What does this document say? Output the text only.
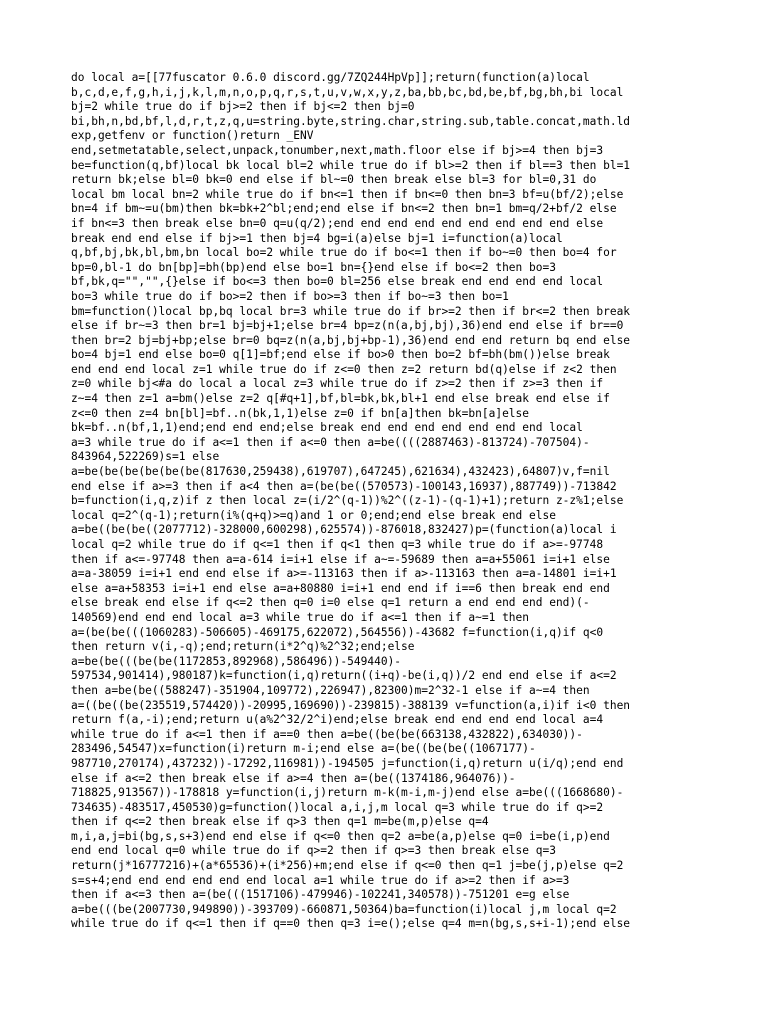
do local a=[[77fuscator 0.6.0 discord.gg/7ZQ244HpVp]];return(function(a)local
b,c,d,e,f,g,h,i,j,k,l,m,n,o,p,q,r,s,t,u,v,w,x,y,z,ba,bb,bc,bd,be,bf,bg,bh,bi local
bj=2 while true do if bj>=2 then if bj<=2 then bj=0
bi,bh,n,bd,bf,l,d,r,t,z,q,u=string.byte,string.char,string.sub,table.concat,math.ld
exp,getfenv or function()return _ENV
end,setmetatable,select,unpack,tonumber,next,math.floor else if bj>=4 then bj=3
be=function(q,bf)local bk local bl=2 while true do if bl>=2 then if bl==3 then bl=1
return bk;else bl=0 bk=0 end else if bl~=0 then break else bl=3 for bl=0,31 do
local bm local bn=2 while true do if bn<=1 then if bn<=0 then bn=3 bf=u(bf/2);else
bn=4 if bm~=u(bm)then bk=bk+2^bl;end;end else if bn<=2 then bn=1 bm=q/2+bf/2 else
if bn<=3 then break else bn=0 q=u(q/2);end end end end end end end end end else
break end end else if bj>=1 then bj=4 bg=i(a)else bj=1 i=function(a)local
q,bf,bj,bk,bl,bm,bn local bo=2 while true do if bo<=1 then if bo~=0 then bo=4 for
bp=0,bl-1 do bn[bp]=bh(bp)end else bo=1 bn={}end else if bo<=2 then bo=3
bf,bk,q="","",{}else if bo<=3 then bo=0 bl=256 else break end end end end local
bo=3 while true do if bo>=2 then if bo>=3 then if bo~=3 then bo=1
bm=function()local bp,bq local br=3 while true do if br>=2 then if br<=2 then break
else if br~=3 then br=1 bj=bj+1;else br=4 bp=z(n(a,bj,bj),36)end end else if br==0
then br=2 bj=bj+bp;else br=0 bq=z(n(a,bj,bj+bp-1),36)end end end return bq end else
bo=4 bj=1 end else bo=0 q[1]=bf;end else if bo>0 then bo=2 bf=bh(bm())else break
end end end local z=1 while true do if z<=0 then z=2 return bd(q)else if z<2 then
z=0 while bj<#a do local a local z=3 while true do if z>=2 then if z>=3 then if
z~=4 then z=1 a=bm()else z=2 q[#q+1],bf,bl=bk,bk,bl+1 end else break end else if
z<=0 then z=4 bn[bl]=bf..n(bk,1,1)else z=0 if bn[a]then bk=bn[a]else
bk=bf..n(bf,1,1)end;end end end;else break end end end end end end end local
a=3 while true do if a<=1 then if a<=0 then a=be((((2887463)-813724)-707504)-
843964,522269)s=1 else
a=be(be(be(be(be(be(817630,259438),619707),647245),621634),432423),64807)v,f=nil
end else if a>=3 then if a<4 then a=(be(be((570573)-100143,16937),887749))-713842
b=function(i,q,z)if z then local z=(i/2^(q-1))%2^((z-1)-(q-1)+1);return z-z%1;else
local q=2^(q-1);return(i%(q+q)>=q)and 1 or 0;end;end else break end else
a=be((be(be((2077712)-328000,600298),625574))-876018,832427)p=(function(a)local i
local q=2 while true do if q<=1 then if q<1 then q=3 while true do if a>=-97748
then if a<=-97748 then a=a-614 i=i+1 else if a~=-59689 then a=a+55061 i=i+1 else
a=a-38059 i=i+1 end end else if a>=-113163 then if a>-113163 then a=a-14801 i=i+1
else a=a+58353 i=i+1 end else a=a+80880 i=i+1 end end if i==6 then break end end
else break end else if q<=2 then q=0 i=0 else q=1 return a end end end end)(-
140569)end end end local a=3 while true do if a<=1 then if a~=1 then
a=(be(be(((1060283)-506605)-469175,622072),564556))-43682 f=function(i,q)if q<0
then return v(i,-q);end;return(i*2^q)%2^32;end;else
a=be(be(((be(be(1172853,892968),586496))-549440)-
597534,901414),980187)k=function(i,q)return((i+q)-be(i,q))/2 end end else if a<=2
then a=be(be((588247)-351904,109772),226947),82300)m=2^32-1 else if a~=4 then
a=((be((be(235519,574420))-20995,169690))-239815)-388139 v=function(a,i)if i<0 then
return f(a,-i);end;return u(a%2^32/2^i)end;else break end end end end local a=4
while true do if a<=1 then if a==0 then a=be((be(be(663138,432822),634030))-
283496,54547)x=function(i)return m-i;end else a=(be((be(be((1067177)-
987710,270174),437232))-17292,116981))-194505 j=function(i,q)return u(i/q);end end
else if a<=2 then break else if a>=4 then a=(be((1374186,964076))-
718825,913567))-178818 y=function(i,j)return m-k(m-i,m-j)end else a=be(((1668680)-
734635)-483517,450530)g=function()local a,i,j,m local q=3 while true do if q>=2
then if q<=2 then break else if q>3 then q=1 m=be(m,p)else q=4
m,i,a,j=bi(bg,s,s+3)end end else if q<=0 then q=2 a=be(a,p)else q=0 i=be(i,p)end
end end local q=0 while true do if q>=2 then if q>=3 then break else q=3
return(j*16777216)+(a*65536)+(i*256)+m;end else if q<=0 then q=1 j=be(j,p)else q=2
s=s+4;end end end end end end local a=1 while true do if a>=2 then if a>=3
then if a<=3 then a=(be(((1517106)-479946)-102241,340578))-751201 e=g else
a=be(((be(2007730,949890))-393709)-660871,50364)ba=function(i)local j,m local q=2
while true do if q<=1 then if q==0 then q=3 i=e();else q=4 m=n(bg,s,s+i-1);end else
